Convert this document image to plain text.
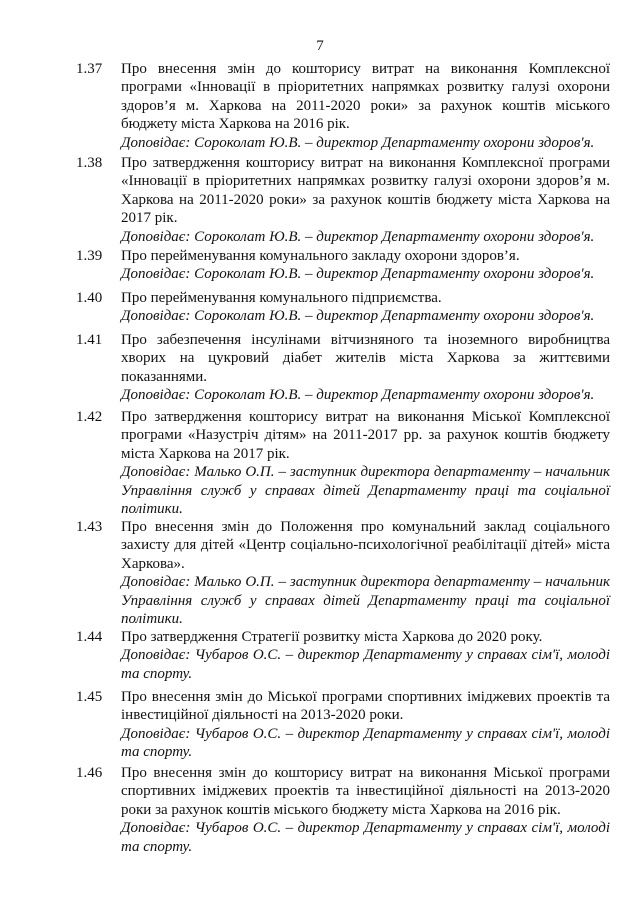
7
1.37 Про внесення змін до кошторису витрат на виконання Комплексної програми «Інновації в пріоритетних напрямках розвитку галузі охорони здоров’я м. Харкова на 2011-2020 роки» за рахунок коштів міського бюджету міста Харкова на 2016 рік.
Доповідає: Сороколат Ю.В. – директор Департаменту охорони здоров'я.
1.38 Про затвердження кошторису витрат на виконання Комплексної програми «Інновації в пріоритетних напрямках розвитку галузі охорони здоров’я м. Харкова на 2011-2020 роки» за рахунок коштів бюджету міста Харкова на 2017 рік.
Доповідає: Сороколат Ю.В. – директор Департаменту охорони здоров'я.
1.39 Про перейменування комунального закладу охорони здоров’я.
Доповідає: Сороколат Ю.В. – директор Департаменту охорони здоров'я.
1.40 Про перейменування комунального підприємства.
Доповідає: Сороколат Ю.В. – директор Департаменту охорони здоров'я.
1.41 Про забезпечення інсулінами вітчизняного та іноземного виробництва хворих на цукровий діабет жителів міста Харкова за життєвими показаннями.
Доповідає: Сороколат Ю.В. – директор Департаменту охорони здоров'я.
1.42 Про затвердження кошторису витрат на виконання Міської Комплексної програми «Назустріч дітям» на 2011-2017 рр. за рахунок коштів бюджету міста Харкова на 2017 рік.
Доповідає: Малько О.П. – заступник директора департаменту – начальник Управління служб у справах дітей Департаменту праці та соціальної політики.
1.43 Про внесення змін до Положення про комунальний заклад соціального захисту для дітей «Центр соціально-психологічної реабілітації дітей» міста Харкова».
Доповідає: Малько О.П. – заступник директора департаменту – начальник Управління служб у справах дітей Департаменту праці та соціальної політики.
1.44 Про затвердження Стратегії розвитку міста Харкова до 2020 року.
Доповідає: Чубаров О.С. – директор Департаменту у справах сім'ї, молоді та спорту.
1.45 Про внесення змін до Міської програми спортивних іміджевих проектів та інвестиційної діяльності на 2013-2020 роки.
Доповідає: Чубаров О.С. – директор Департаменту у справах сім'ї, молоді та спорту.
1.46 Про внесення змін до кошторису витрат на виконання Міської програми спортивних іміджевих проектів та інвестиційної діяльності на 2013-2020 роки за рахунок коштів міського бюджету міста Харкова на 2016 рік.
Доповідає: Чубаров О.С. – директор Департаменту у справах сім'ї, молоді та спорту.
